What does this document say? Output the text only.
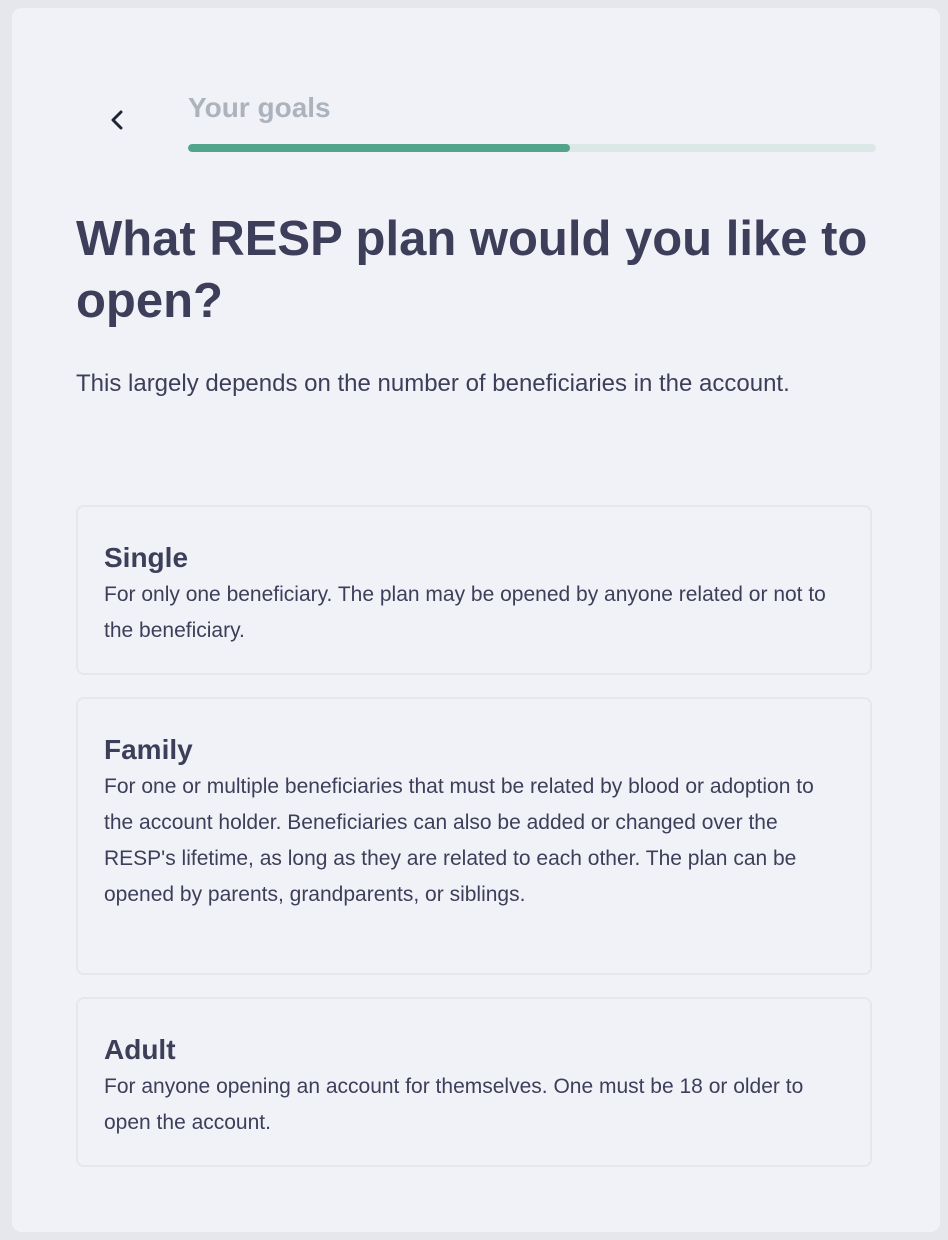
Your goals
What RESP plan would you like to open?

This largely depends on the number of beneficiaries in the account.

Single
For only one beneficiary. The plan may be opened by anyone related or not to the beneficiary.
Family
For one or multiple beneficiaries that must be related by blood or adoption to the account holder. Beneficiaries can also be added or changed over the RESP's lifetime, as long as they are related to each other. The plan can be opened by parents, grandparents, or siblings.
Adult
For anyone opening an account for themselves. One must be 18 or older to open the account.
